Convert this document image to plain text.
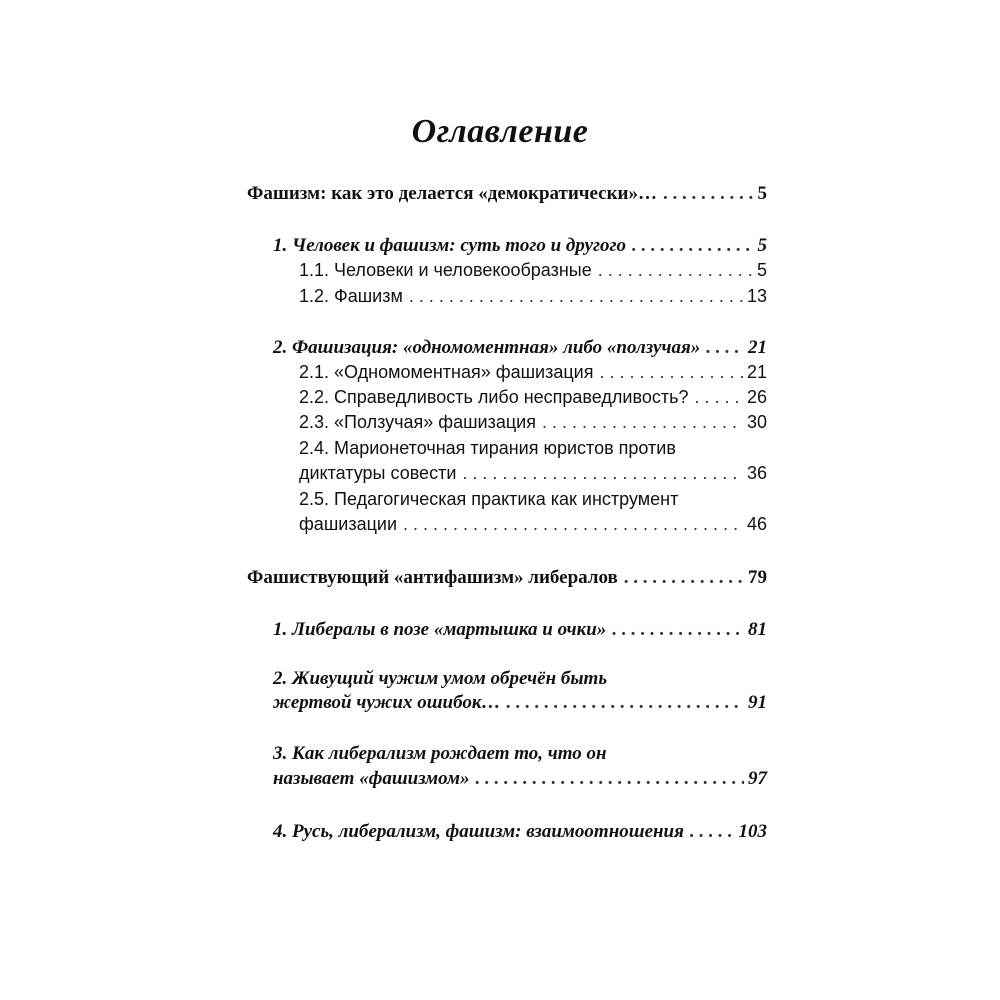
Оглавление
Фашизм: как это делается «демократически»… . . .	5
1. Человек и фашизм: суть того и другого . . .	5
1.1. Человеки и человекообразные . . .	5
1.2. Фашизм . . .	13
2. Фашизация: «одномоментная» либо «ползучая» . . .	21
2.1. «Одномоментная» фашизация . . .	21
2.2. Справедливость либо несправедливость? . . .	26
2.3. «Ползучая» фашизация . . .	30
2.4. Марионеточная тирания юристов против
диктатуры совести . . .	36
2.5. Педагогическая практика как инструмент
фашизации . . .	46
Фашиствующий «антифашизм» либералов . . .	79
1. Либералы в позе «мартышка и очки» . . .	81
2. Живущий чужим умом обречён быть
жертвой чужих ошибок… . . .	91
3. Как либерализм рождает то, что он
называет «фашизмом» . . .	97
4. Русь, либерализм, фашизм: взаимоотношения . . .	103
